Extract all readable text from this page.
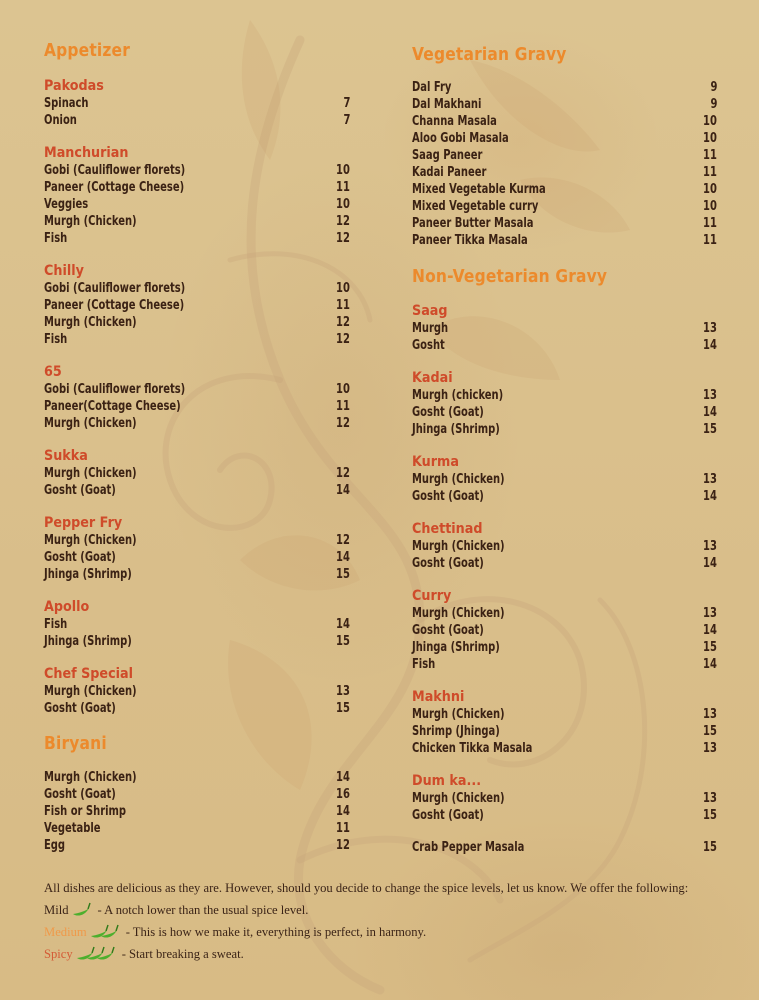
Appetizer
Pakodas
Spinach	7
Onion	7
Manchurian
Gobi (Cauliflower florets)	10
Paneer (Cottage Cheese)	11
Veggies	10
Murgh (Chicken)	12
Fish	12
Chilly
Gobi (Cauliflower florets)	10
Paneer (Cottage Cheese)	11
Murgh (Chicken)	12
Fish	12
65
Gobi (Cauliflower florets)	10
Paneer(Cottage Cheese)	11
Murgh (Chicken)	12
Sukka
Murgh (Chicken)	12
Gosht (Goat)	14
Pepper Fry
Murgh (Chicken)	12
Gosht (Goat)	14
Jhinga (Shrimp)	15
Apollo
Fish	14
Jhinga (Shrimp)	15
Chef Special
Murgh (Chicken)	13
Gosht (Goat)	15
Biryani
Murgh (Chicken)	14
Gosht (Goat)	16
Fish or Shrimp	14
Vegetable	11
Egg	12
Vegetarian Gravy
Dal Fry	9
Dal Makhani	9
Channa Masala	10
Aloo Gobi Masala	10
Saag Paneer	11
Kadai Paneer	11
Mixed Vegetable Kurma	10
Mixed Vegetable curry	10
Paneer Butter Masala	11
Paneer Tikka Masala	11
Non-Vegetarian Gravy
Saag
Murgh	13
Gosht	14
Kadai
Murgh (chicken)	13
Gosht (Goat)	14
Jhinga (Shrimp)	15
Kurma
Murgh (Chicken)	13
Gosht (Goat)	14
Chettinad
Murgh (Chicken)	13
Gosht (Goat)	14
Curry
Murgh (Chicken)	13
Gosht (Goat)	14
Jhinga (Shrimp)	15
Fish	14
Makhni
Murgh (Chicken)	13
Shrimp (Jhinga)	15
Chicken Tikka Masala	13
Dum ka...
Murgh (Chicken)	13
Gosht (Goat)	15
Crab Pepper Masala	15
All dishes are delicious as they are. However, should you decide to change the spice levels, let us know. We offer the following:
Mild - A notch lower than the usual spice level.
Medium	- This is how we make it, everything is perfect, in harmony.
Spicy	- Start breaking a sweat.
